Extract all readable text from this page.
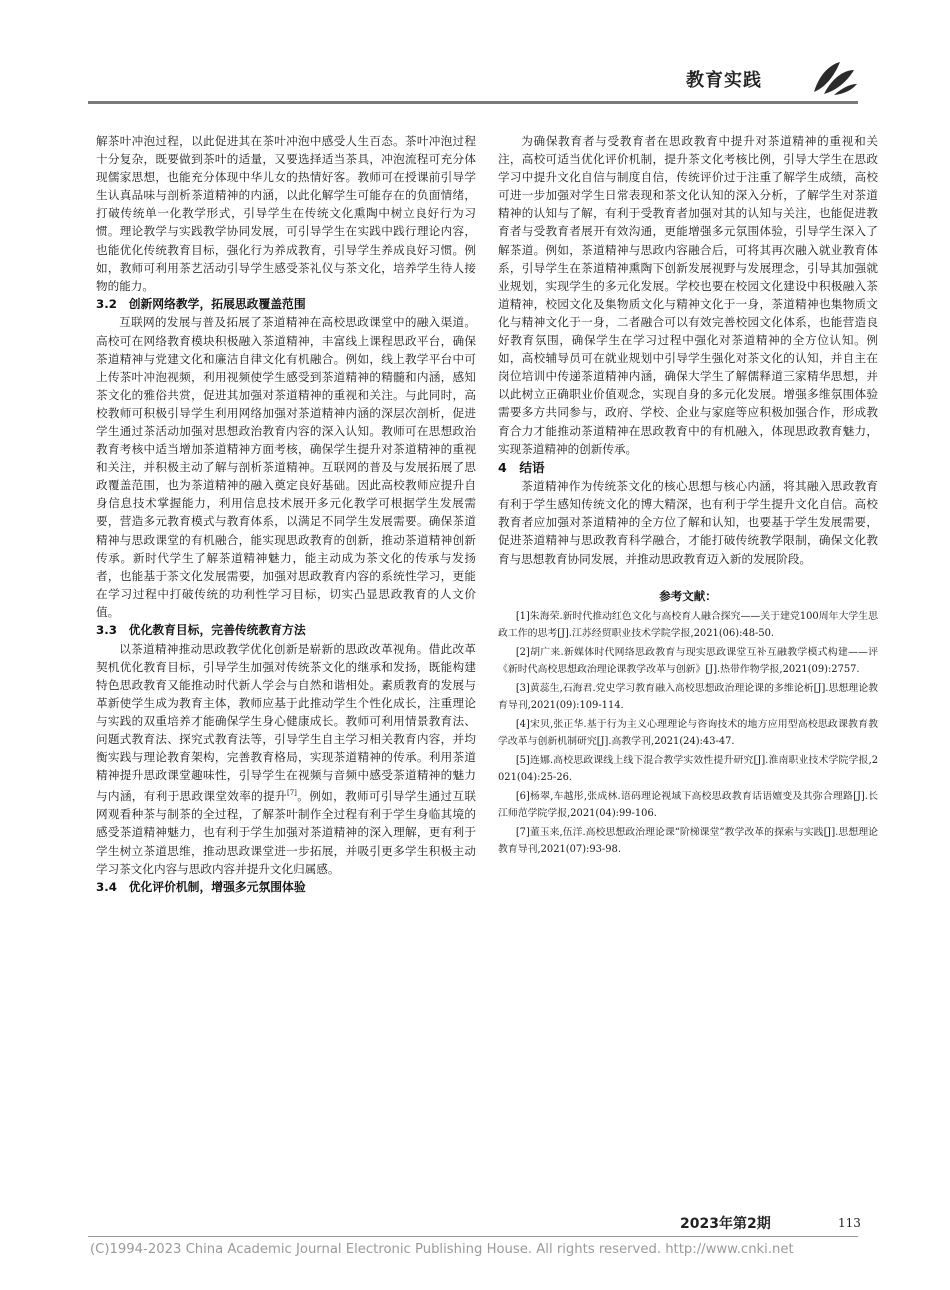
教育实践

解茶叶冲泡过程，以此促进其在茶叶冲泡中感受人生百态。茶叶冲泡过程十分复杂，既要做到茶叶的适量，又要选择适当茶具，冲泡流程可充分体现儒家思想，也能充分体现中华儿女的热情好客。教师可在授课前引导学生认真品味与剖析茶道精神的内涵，以此化解学生可能存在的负面情绪，打破传统单一化教学形式，引导学生在传统文化熏陶中树立良好行为习惯。理论教学与实践教学协同发展，可引导学生在实践中践行理论内容，也能优化传统教育目标，强化行为养成教育，引导学生养成良好习惯。例如，教师可利用茶艺活动引导学生感受茶礼仪与茶文化，培养学生待人接物的能力。

3.2　创新网络教学，拓展思政覆盖范围

互联网的发展与普及拓展了茶道精神在高校思政课堂中的融入渠道。高校可在网络教育模块积极融入茶道精神，丰富线上课程思政平台，确保茶道精神与党建文化和廉洁自律文化有机融合。例如，线上教学平台中可上传茶叶冲泡视频，利用视频使学生感受到茶道精神的精髓和内涵，感知茶文化的雅俗共赏，促进其加强对茶道精神的重视和关注。与此同时，高校教师可积极引导学生利用网络加强对茶道精神内涵的深层次剖析，促进学生通过茶活动加强对思想政治教育内容的深入认知。教师可在思想政治教育考核中适当增加茶道精神方面考核，确保学生提升对茶道精神的重视和关注，并积极主动了解与剖析茶道精神。互联网的普及与发展拓展了思政覆盖范围，也为茶道精神的融入奠定良好基础。因此高校教师应提升自身信息技术掌握能力，利用信息技术展开多元化教学可根据学生发展需要，营造多元教育模式与教育体系，以满足不同学生发展需要。确保茶道精神与思政课堂的有机融合，能实现思政教育的创新，推动茶道精神创新传承。新时代学生了解茶道精神魅力，能主动成为茶文化的传承与发扬者，也能基于茶文化发展需要，加强对思政教育内容的系统性学习，更能在学习过程中打破传统的功利性学习目标，切实凸显思政教育的人文价值。

3.3　优化教育目标，完善传统教育方法

以茶道精神推动思政教学优化创新是崭新的思政改革视角。借此改革契机优化教育目标，引导学生加强对传统茶文化的继承和发扬，既能构建特色思政教育又能推动时代新人学会与自然和谐相处。素质教育的发展与革新使学生成为教育主体，教师应基于此推动学生个性化成长，注重理论与实践的双重培养才能确保学生身心健康成长。教师可利用情景教育法、问题式教育法、探究式教育法等，引导学生自主学习相关教育内容，并均衡实践与理论教育架构，完善教育格局，实现茶道精神的传承。利用茶道精神提升思政课堂趣味性，引导学生在视频与音频中感受茶道精神的魅力与内涵，有利于思政课堂效率的提升[7]。例如，教师可引导学生通过互联网观看种茶与制茶的全过程，了解茶叶制作全过程有利于学生身临其境的感受茶道精神魅力，也有利于学生加强对茶道精神的深入理解，更有利于学生树立茶道思维，推动思政课堂进一步拓展，并吸引更多学生积极主动学习茶文化内容与思政内容并提升文化归属感。

3.4　优化评价机制，增强多元氛围体验

为确保教育者与受教育者在思政教育中提升对茶道精神的重视和关注，高校可适当优化评价机制，提升茶文化考核比例，引导大学生在思政学习中提升文化自信与制度自信，传统评价过于注重了解学生成绩，高校可进一步加强对学生日常表现和茶文化认知的深入分析，了解学生对茶道精神的认知与了解，有利于受教育者加强对其的认知与关注，也能促进教育者与受教育者展开有效沟通，更能增强多元氛围体验，引导学生深入了解茶道。例如，茶道精神与思政内容融合后，可将其再次融入就业教育体系，引导学生在茶道精神熏陶下创新发展视野与发展理念，引导其加强就业规划，实现学生的多元化发展。学校也要在校园文化建设中积极融入茶道精神，校园文化及集物质文化与精神文化于一身，茶道精神也集物质文化与精神文化于一身，二者融合可以有效完善校园文化体系，也能营造良好教育氛围，确保学生在学习过程中强化对茶道精神的全方位认知。例如，高校辅导员可在就业规划中引导学生强化对茶文化的认知，并自主在岗位培训中传递茶道精神内涵，确保大学生了解儒释道三家精华思想，并以此树立正确职业价值观念，实现自身的多元化发展。增强多维氛围体验需要多方共同参与，政府、学校、企业与家庭等应积极加强合作，形成教育合力才能推动茶道精神在思政教育中的有机融入，体现思政教育魅力，实现茶道精神的创新传承。

4　结语

茶道精神作为传统茶文化的核心思想与核心内涵，将其融入思政教育有利于学生感知传统文化的博大精深，也有利于学生提升文化自信。高校教育者应加强对茶道精神的全方位了解和认知，也要基于学生发展需要，促进茶道精神与思政教育科学融合，才能打破传统教学限制，确保文化教育与思想教育协同发展，并推动思政教育迈入新的发展阶段。

参考文献：

[1]朱海荣.新时代推动红色文化与高校育人融合探究——关于建党100周年大学生思政工作的思考[J].江苏经贸职业技术学院学报,2021(06):48-50.

[2]胡广来.新媒体时代网络思政教育与现实思政课堂互补互融教学模式构建——评《新时代高校思想政治理论课教学改革与创新》[J].热带作物学报,2021(09):2757.

[3]黄蕊生,石海君.党史学习教育融入高校思想政治理论课的多维论析[J].思想理论教育导刊,2021(09):109-114.

[4]宋贝,张正华.基于行为主义心理理论与咨询技术的地方应用型高校思政课教育教学改革与创新机制研究[J].高教学刊,2021(24):43-47.

[5]连娜.高校思政课线上线下混合教学实效性提升研究[J].淮南职业技术学院学报,2021(04):25-26.

[6]杨翠,车越彤,张成林.语码理论视域下高校思政教育话语嬗变及其弥合理路[J].长江师范学院学报,2021(04):99-106.

[7]董玉来,伍洋.高校思想政治理论课“阶梯课堂”教学改革的探索与实践[J].思想理论教育导刊,2021(07):93-98.

2023年第2期	113
(C)1994-2023 China Academic Journal Electronic Publishing House. All rights reserved. http://www.cnki.net
